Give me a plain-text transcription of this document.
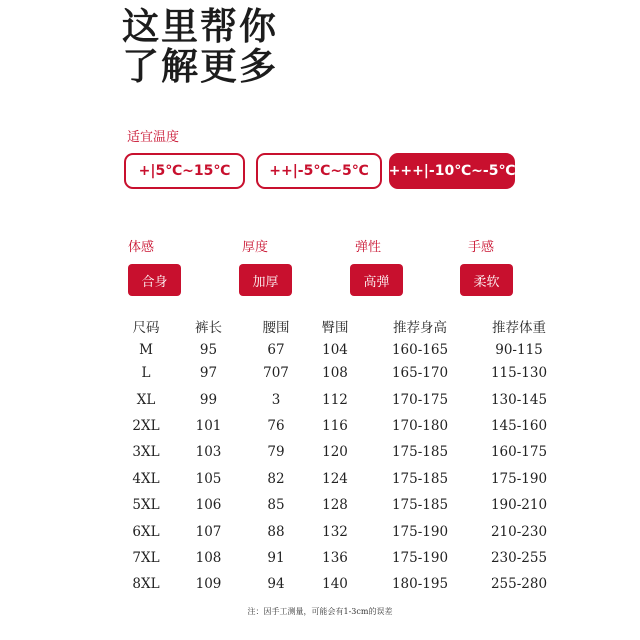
这里帮你
了解更多
适宜温度
+|5℃~15℃	++|-5℃~5℃	+++|-10℃~-5℃
体感	厚度	弹性	手感
合身	加厚	高弹	柔软
尺码	裤长	腰围	臀围	推荐身高	推荐体重
M	95	67	104	160-165	90-115
L	97	707	108	165-170	115-130
XL	99	3	112	170-175	130-145
2XL	101	76	116	170-180	145-160
3XL	103	79	120	175-185	160-175
4XL	105	82	124	175-185	175-190
5XL	106	85	128	175-185	190-210
6XL	107	88	132	175-190	210-230
7XL	108	91	136	175-190	230-255
8XL	109	94	140	180-195	255-280
注：因手工测量，可能会有1-3cm的误差
